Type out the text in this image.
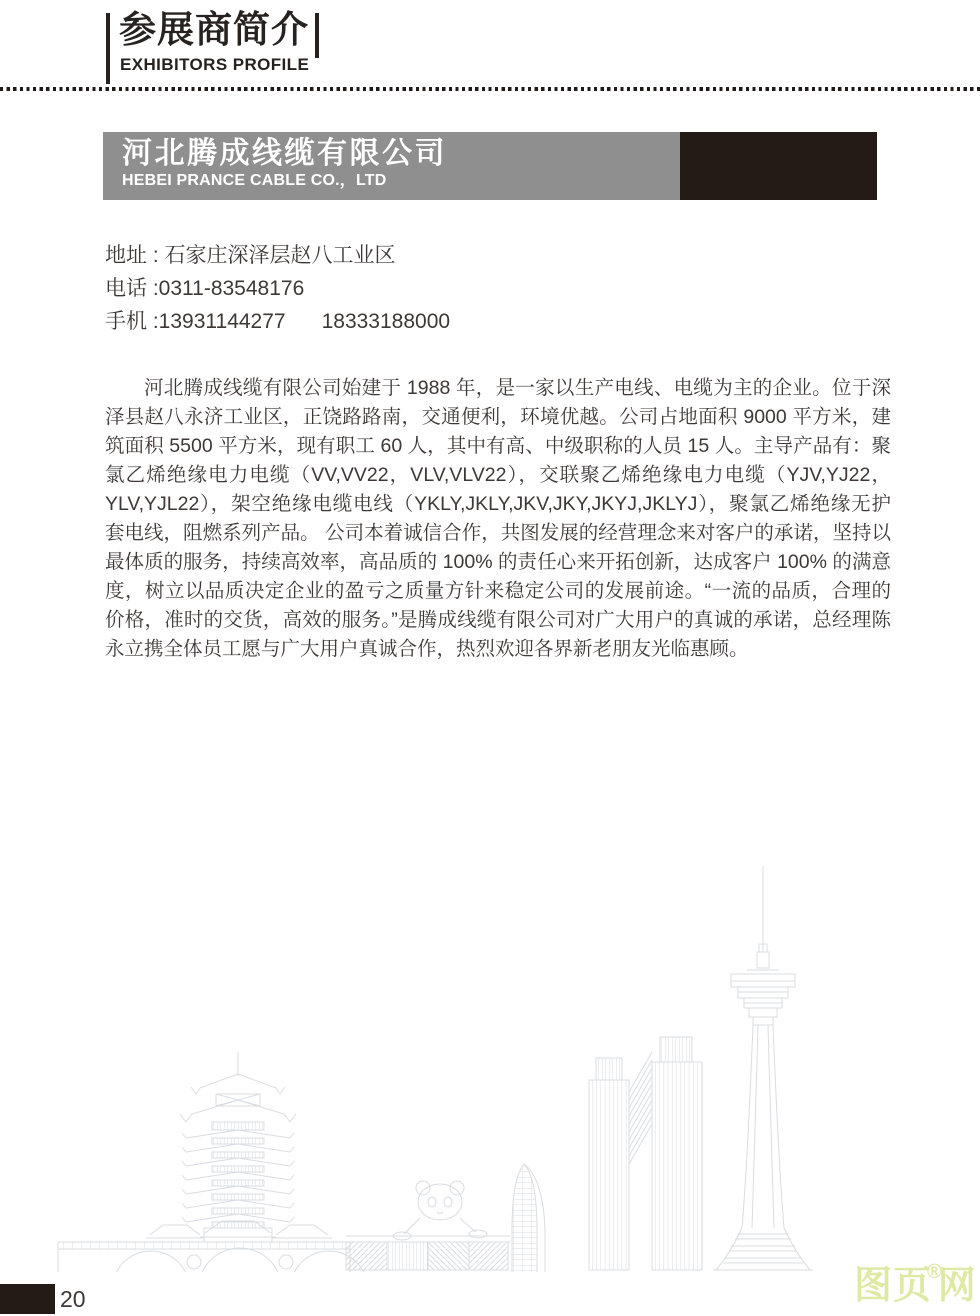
参展商简介
EXHIBITORS PROFILE
河北腾成线缆有限公司
HEBEI PRANCE CABLE CO.，LTD
地址 : 石家庄深泽层赵八工业区
电话 :0311-83548176
手机 :13931144277 18333188000

河北腾成线缆有限公司始建于 1988 年，是一家以生产电线、电缆为主的企业。位于深泽县赵八永济工业区，正饶路路南，交通便利，环境优越。公司占地面积 9000 平方米，建筑面积 5500 平方米，现有职工 60 人，其中有高、中级职称的人员 15 人。主导产品有：聚氯乙烯绝缘电力电缆（VV,VV22，VLV,VLV22），交联聚乙烯绝缘电力电缆（YJV,YJ22，YLV,YJL22），架空绝缘电缆电线（YKLY,JKLY,JKV,JKY,JKYJ,JKLYJ），聚氯乙烯绝缘无护套电线，阻燃系列产品。 公司本着诚信合作，共图发展的经营理念来对客户的承诺，坚持以最体质的服务，持续高效率，高品质的 100% 的责任心来开拓创新，达成客户 100% 的满意度，树立以品质决定企业的盈亏之质量方针来稳定公司的发展前途。“一流的品质，合理的价格，准时的交货，高效的服务。”是腾成线缆有限公司对广大用户的真诚的承诺，总经理陈永立携全体员工愿与广大用户真诚合作，热烈欢迎各界新老朋友光临惠顾。

20	图页®网
